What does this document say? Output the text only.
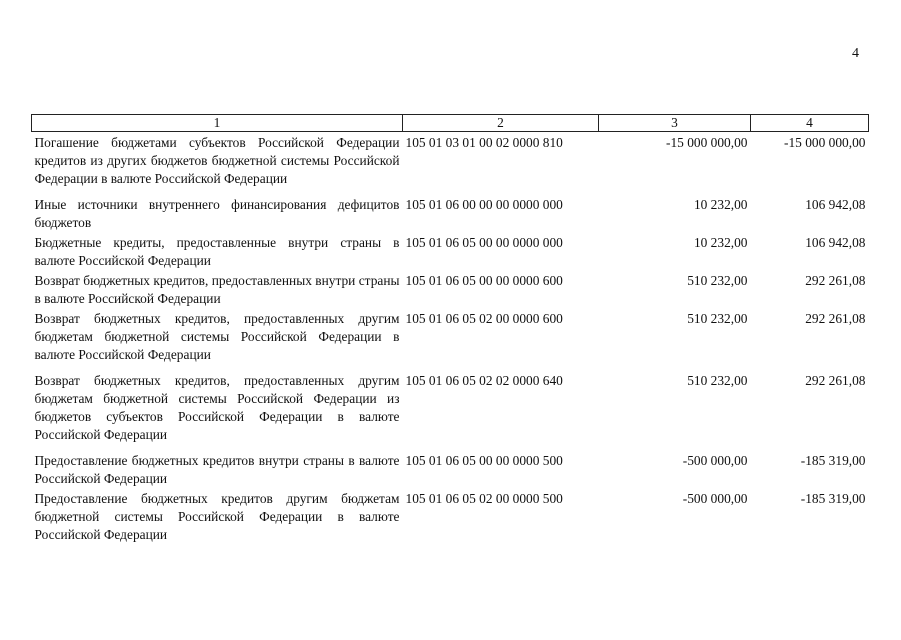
4
1	2	3	4
Погашение бюджетами субъектов Российской Федерации кредитов из других бюджетов бюджетной системы Российской Федерации в валюте Российской Федерации	105 01 03 01 00 02 0000 810	-15 000 000,00	-15 000 000,00
Иные источники внутреннего финансирования дефицитов бюджетов	105 01 06 00 00 00 0000 000	10 232,00	106 942,08
Бюджетные кредиты, предоставленные внутри страны в валюте Российской Федерации	105 01 06 05 00 00 0000 000	10 232,00	106 942,08
Возврат бюджетных кредитов, предоставленных внутри страны в валюте Российской Федерации	105 01 06 05 00 00 0000 600	510 232,00	292 261,08
Возврат бюджетных кредитов, предоставленных другим бюджетам бюджетной системы Российской Федерации в валюте Российской Федерации	105 01 06 05 02 00 0000 600	510 232,00	292 261,08
Возврат бюджетных кредитов, предоставленных другим бюджетам бюджетной системы Российской Федерации из бюджетов субъектов Российской Федерации в валюте Российской Федерации	105 01 06 05 02 02 0000 640	510 232,00	292 261,08
Предоставление бюджетных кредитов внутри страны в валюте Российской Федерации	105 01 06 05 00 00 0000 500	-500 000,00	-185 319,00
Предоставление бюджетных кредитов другим бюджетам бюджетной системы Российской Федерации в валюте Российской Федерации	105 01 06 05 02 00 0000 500	-500 000,00	-185 319,00
